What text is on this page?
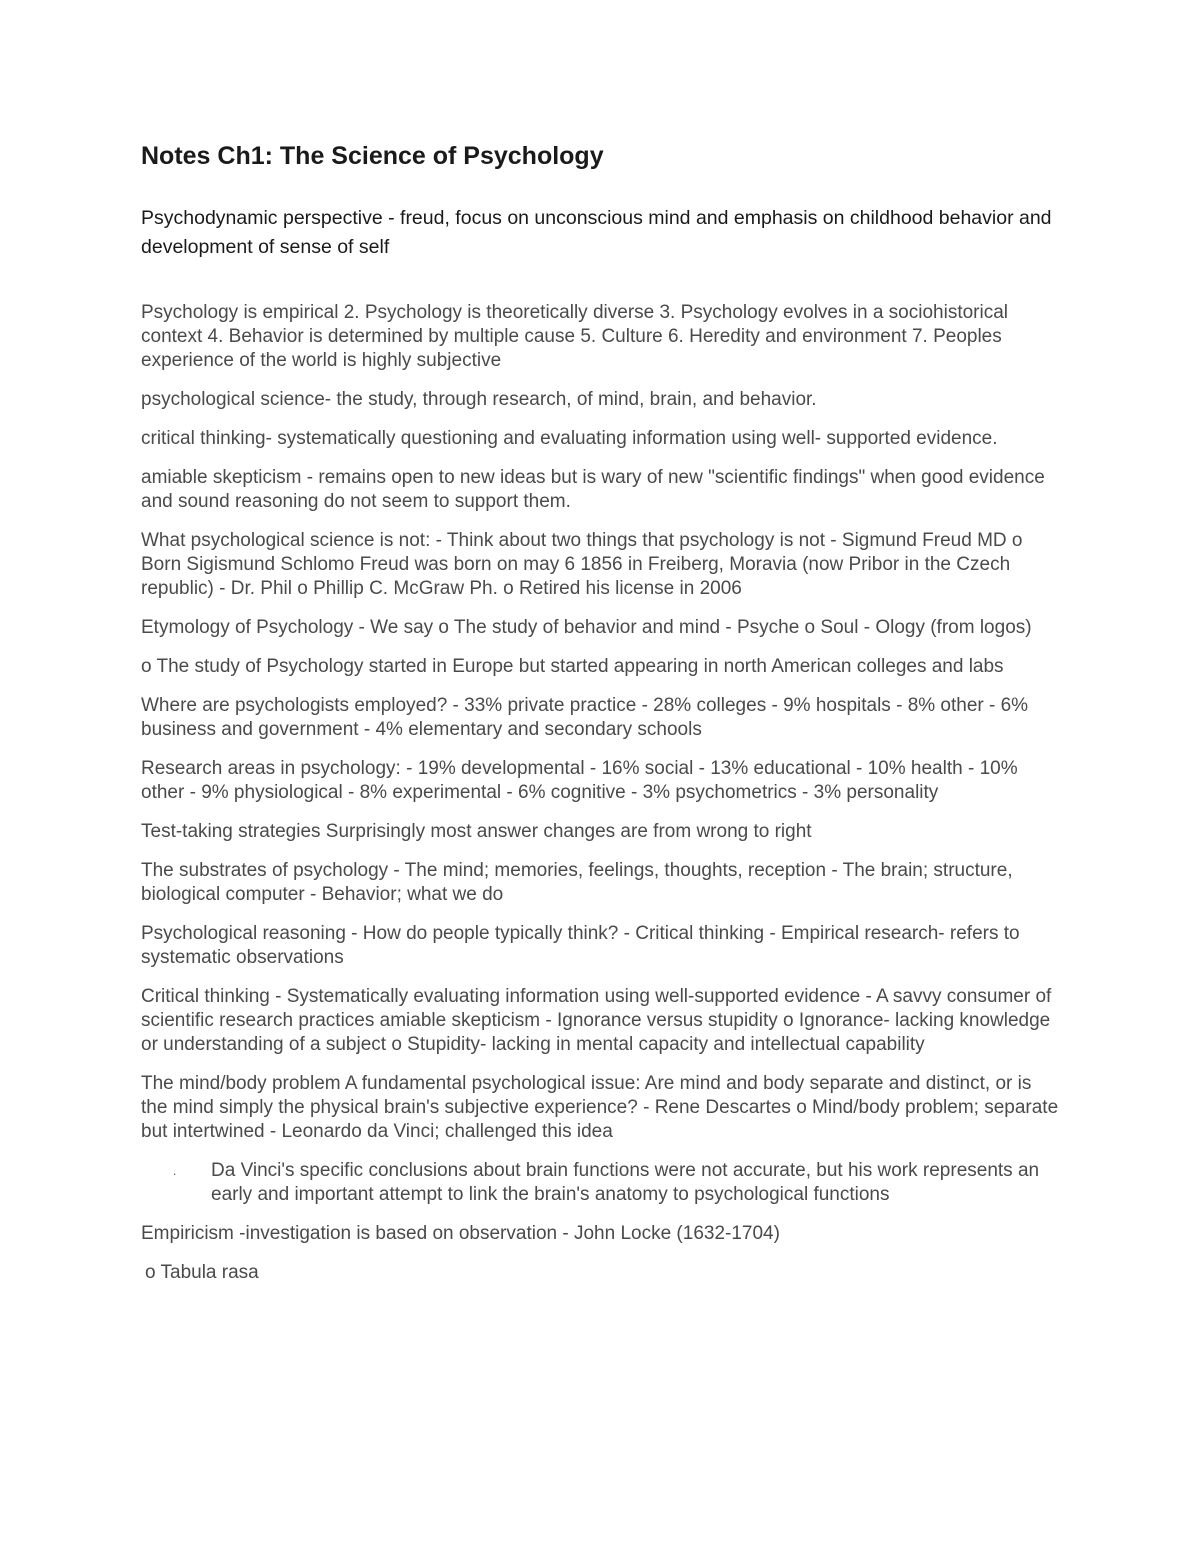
Notes Ch1: The Science of Psychology
Psychodynamic perspective - freud, focus on unconscious mind and emphasis on childhood behavior and development of sense of self
Psychology is empirical 2. Psychology is theoretically diverse 3. Psychology evolves in a sociohistorical context 4. Behavior is determined by multiple cause 5. Culture 6. Heredity and environment 7. Peoples experience of the world is highly subjective
psychological science- the study, through research, of mind, brain, and behavior.
critical thinking- systematically questioning and evaluating information using well- supported evidence.
amiable skepticism - remains open to new ideas but is wary of new "scientific findings" when good evidence and sound reasoning do not seem to support them.
What psychological science is not: - Think about two things that psychology is not - Sigmund Freud MD o Born Sigismund Schlomo Freud was born on may 6 1856 in Freiberg, Moravia (now Pribor in the Czech republic) - Dr. Phil o Phillip C. McGraw Ph. o Retired his license in 2006
Etymology of Psychology - We say o The study of behavior and mind - Psyche o Soul - Ology (from logos)
o The study of Psychology started in Europe but started appearing in north American colleges and labs
Where are psychologists employed? - 33% private practice - 28% colleges - 9% hospitals - 8% other - 6% business and government - 4% elementary and secondary schools
Research areas in psychology: - 19% developmental - 16% social - 13% educational - 10% health - 10% other - 9% physiological - 8% experimental - 6% cognitive - 3% psychometrics - 3% personality
Test-taking strategies Surprisingly most answer changes are from wrong to right
The substrates of psychology - The mind; memories, feelings, thoughts, reception - The brain; structure, biological computer - Behavior; what we do
Psychological reasoning - How do people typically think? - Critical thinking - Empirical research- refers to systematic observations
Critical thinking - Systematically evaluating information using well-supported evidence - A savvy consumer of scientific research practices amiable skepticism - Ignorance versus stupidity o Ignorance- lacking knowledge or understanding of a subject o Stupidity- lacking in mental capacity and intellectual capability
The mind/body problem A fundamental psychological issue: Are mind and body separate and distinct, or is the mind simply the physical brain's subjective experience? - Rene Descartes o Mind/body problem; separate but intertwined - Leonardo da Vinci; challenged this idea
. Da Vinci's specific conclusions about brain functions were not accurate, but his work represents an early and important attempt to link the brain's anatomy to psychological functions
Empiricism -investigation is based on observation - John Locke (1632-1704)
o Tabula rasa
